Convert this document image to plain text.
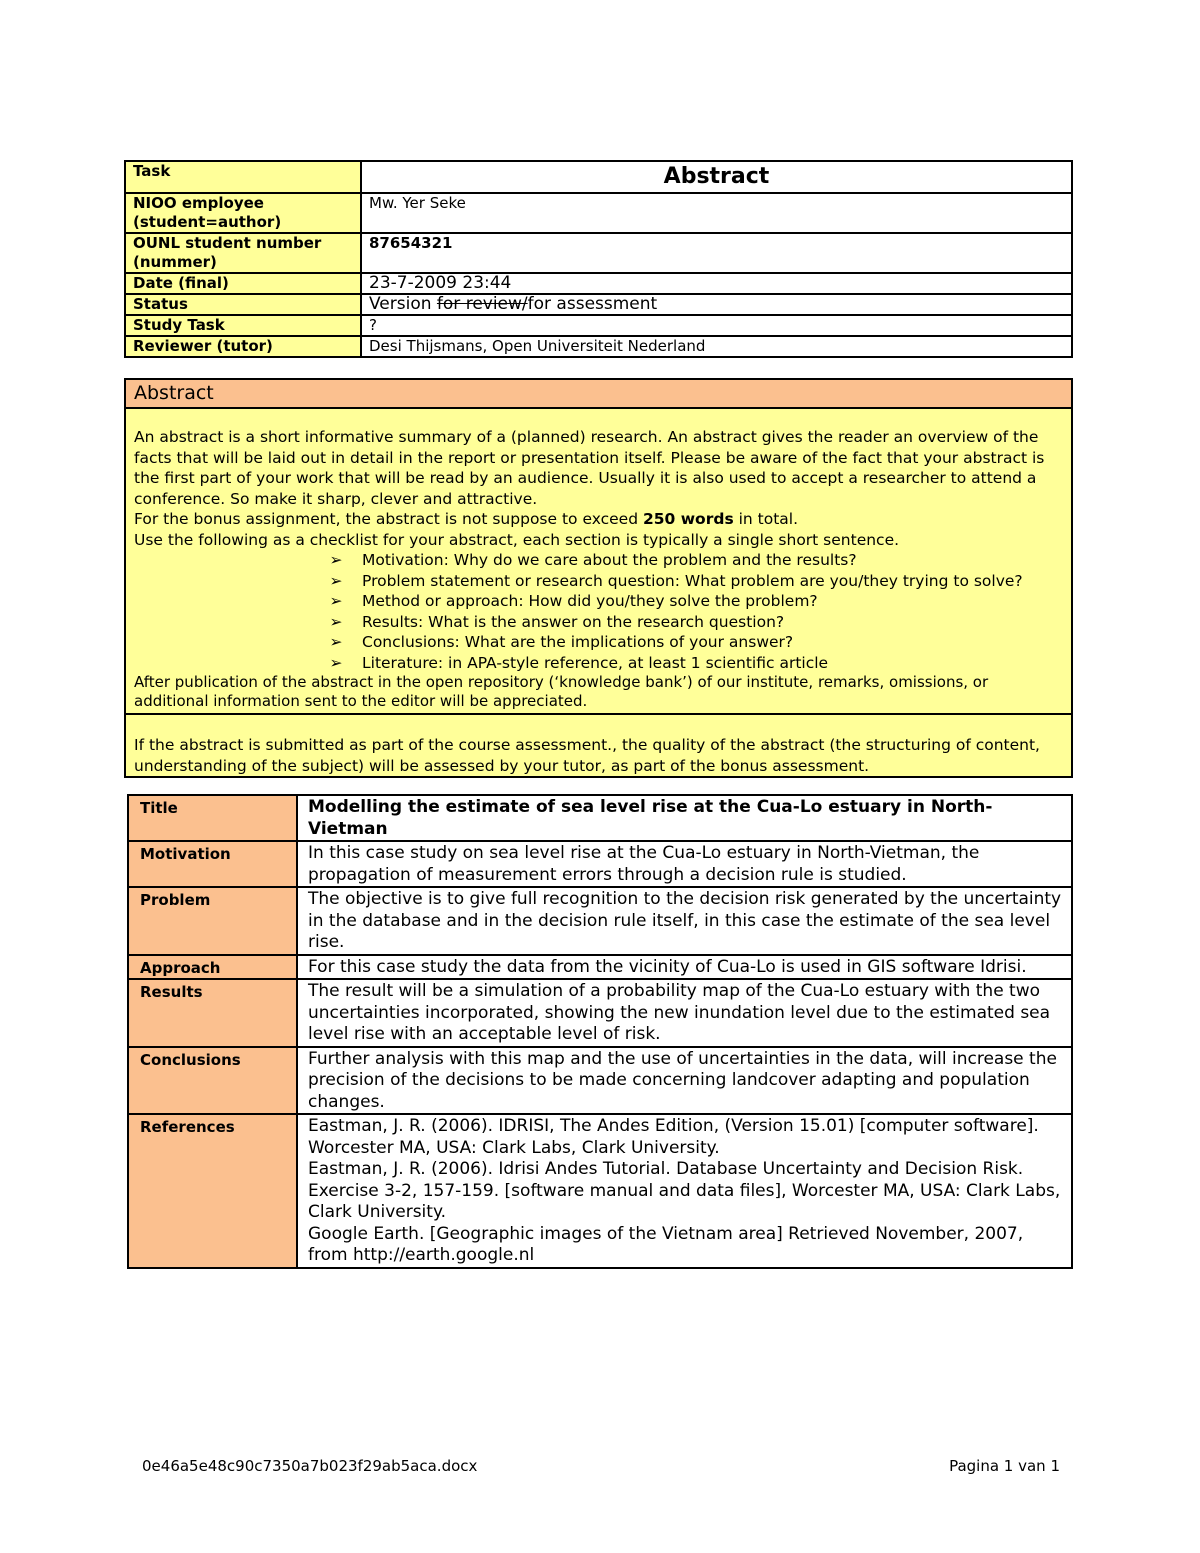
Task	Abstract
NIOO employee (student=author)	Mw. Yer Seke
OUNL student number (nummer)	87654321
Date (final)	23-7-2009 23:44
Status	Version for review/for assessment
Study Task	?
Reviewer (tutor)	Desi Thijsmans, Open Universiteit Nederland
Abstract
An abstract is a short informative summary of a (planned) research. An abstract gives the reader an overview of the facts that will be laid out in detail in the report or presentation itself. Please be aware of the fact that your abstract is the first part of your work that will be read by an audience. Usually it is also used to accept a researcher to attend a conference. So make it sharp, clever and attractive.
For the bonus assignment, the abstract is not suppose to exceed 250 words in total.
Use the following as a checklist for your abstract, each section is typically a single short sentence.
➢ Motivation: Why do we care about the problem and the results?
➢ Problem statement or research question: What problem are you/they trying to solve?
➢ Method or approach: How did you/they solve the problem?
➢ Results: What is the answer on the research question?
➢ Conclusions: What are the implications of your answer?
➢ Literature: in APA-style reference, at least 1 scientific article
After publication of the abstract in the open repository (‘knowledge bank’) of our institute, remarks, omissions, or additional information sent to the editor will be appreciated.
If the abstract is submitted as part of the course assessment., the quality of the abstract (the structuring of content, understanding of the subject) will be assessed by your tutor, as part of the bonus assessment.
Title	Modelling the estimate of sea level rise at the Cua-Lo estuary in North-Vietman
Motivation	In this case study on sea level rise at the Cua-Lo estuary in North-Vietman, the propagation of measurement errors through a decision rule is studied.
Problem	The objective is to give full recognition to the decision risk generated by the uncertainty in the database and in the decision rule itself, in this case the estimate of the sea level rise.
Approach	For this case study the data from the vicinity of Cua-Lo is used in GIS software Idrisi.
Results	The result will be a simulation of a probability map of the Cua-Lo estuary with the two uncertainties incorporated, showing the new inundation level due to the estimated sea level rise with an acceptable level of risk.
Conclusions	Further analysis with this map and the use of uncertainties in the data, will increase the precision of the decisions to be made concerning landcover adapting and population changes.
References	Eastman, J. R. (2006). IDRISI, The Andes Edition, (Version 15.01) [computer software]. Worcester MA, USA: Clark Labs, Clark University.
Eastman, J. R. (2006). Idrisi Andes Tutorial. Database Uncertainty and Decision Risk. Exercise 3-2, 157-159. [software manual and data files], Worcester MA, USA: Clark Labs, Clark University.
Google Earth. [Geographic images of the Vietnam area] Retrieved November, 2007, from http://earth.google.nl
0e46a5e48c90c7350a7b023f29ab5aca.docx	Pagina 1 van 1
